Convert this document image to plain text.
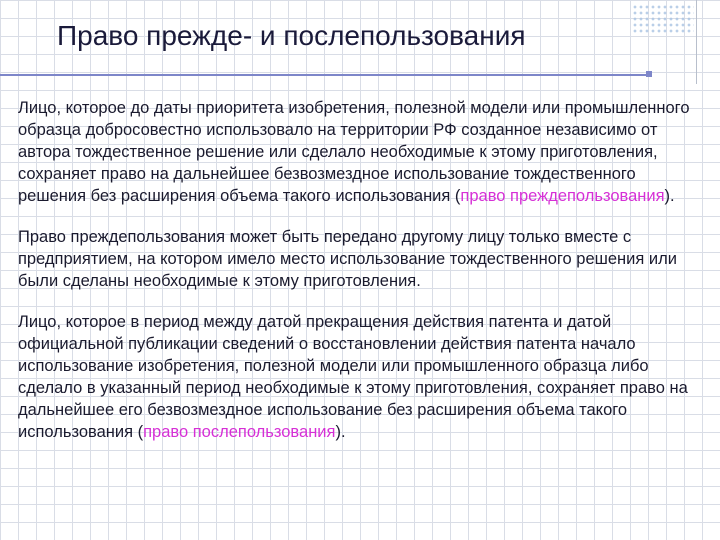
Право прежде- и послепользования

Лицо, которое до даты приоритета изобретения, полезной модели или промышленного образца добросовестно использовало на территории РФ созданное независимо от автора тождественное решение или сделало необходимые к этому приготовления, сохраняет право на дальнейшее безвозмездное использование тождественного решения без расширения объема такого использования (право преждепользования).

Право преждепользования может быть передано другому лицу только вместе с предприятием, на котором имело место использование тождественного решения или были сделаны необходимые к этому приготовления.

Лицо, которое в период между датой прекращения действия патента и датой официальной публикации сведений о восстановлении действия патента начало использование изобретения, полезной модели или промышленного образца либо сделало в указанный период необходимые к этому приготовления, сохраняет право на дальнейшее его безвозмездное использование без расширения объема такого использования (право послепользования).
